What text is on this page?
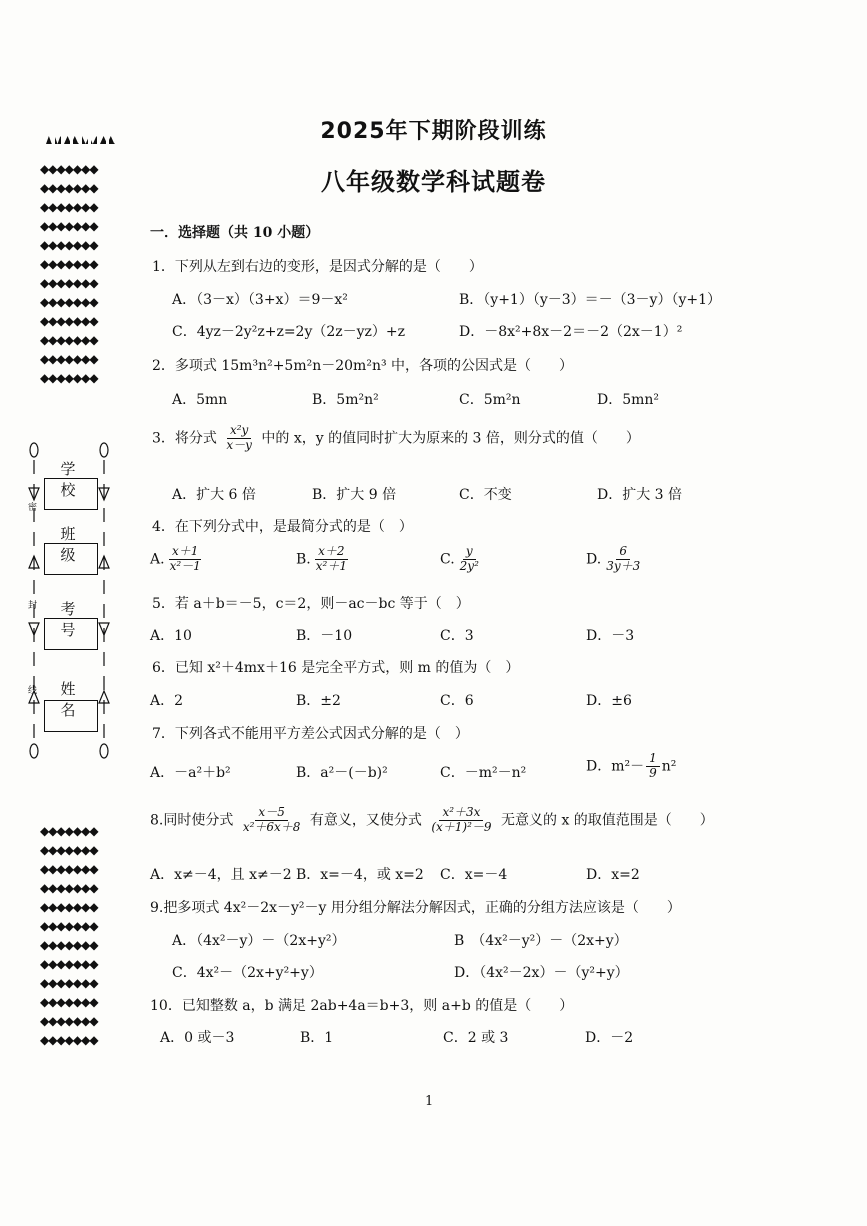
◆◆◆◆◆◆◆
◆◆◆◆◆◆◆
◆◆◆◆◆◆◆
◆◆◆◆◆◆◆
◆◆◆◆◆◆◆
◆◆◆◆◆◆◆
◆◆◆◆◆◆◆
◆◆◆◆◆◆◆
◆◆◆◆◆◆◆
◆◆◆◆◆◆◆
◆◆◆◆◆◆◆
◆◆◆◆◆◆◆
◆◆◆◆◆◆◆
◆◆◆◆◆◆◆
◆◆◆◆◆◆◆
◆◆◆◆◆◆◆
◆◆◆◆◆◆◆
◆◆◆◆◆◆◆
◆◆◆◆◆◆◆
◆◆◆◆◆◆◆
◆◆◆◆◆◆◆
◆◆◆◆◆◆◆
◆◆◆◆◆◆◆
◆◆◆◆◆◆◆
密
封
线
学 校
班 级
考 号
姓 名
2025年下期阶段训练
八年级数学科试题卷
一．选择题（共 10 小题）
1．下列从左到右边的变形，是因式分解的是（　　）
A．（3－x）（3+x）＝9－x²	B．（y+1）（y－3）＝－（3－y）（y+1）
C．4yz－2y²z+z=2y（2z－yz）+z	D．－8x²+8x－2＝－2（2x－1）²
2．多项式 15m³n²+5m²n－20m²n³ 中，各项的公因式是（　　）
A．5mn	B．5m²n²	C．5m²n	D．5mn²
3．将分式 $\frac{\text{x²y}}{x-y}$ 中的 x，y 的值同时扩大为原来的 3 倍，则分式的值（　　）
A．扩大 6 倍	B．扩大 9 倍	C．不变	D．扩大 3 倍
4．在下列分式中，是最简分式的是（　）
A. $\frac{x+1}{\text{x²－1}}$	B. $\frac{x+2}{\text{x²＋1}}$	C. $\frac{y}{\text{2y²}}$	D. $\frac{6}{3y+3}$
5．若 a＋b＝－5，c＝2，则－ac－bc 等于（　）
A．10	B．－10	C．3	D．－3
6．已知 x²＋4mx＋16 是完全平方式，则 m 的值为（　）
A．2	B．±2	C．6	D．±6
7．下列各式不能用平方差公式因式分解的是（　）
A．－a²＋b²	B．a²－(－b)²	C．－m²－n²	D．$m^2- \frac{1}{9} n^2$
8.同时使分式 $\frac{x-5}{\text{x²＋6x＋8}}$ 有意义，又使分式 $\frac{\text{x²＋3x}}{\text{(x＋1)²－9}}$ 无意义的 x 的取值范围是（　　）
A．x≠－4，且 x≠－2 B．x=－4，或 x=2 C．x=－4	D．x=2
9.把多项式 4x²－2x－y²－y 用分组分解法分解因式，正确的分组方法应该是（　　）
A．（4x²－y）－（2x+y²）	B　（4x²－y²）－（2x+y）
C．4x²－（2x+y²+y）	D．（4x²－2x）－（y²+y）
10．已知整数 a，b 满足 2ab+4a＝b+3，则 a+b 的值是（　　）
A．0 或－3	B．1	C．2 或 3	D．－2
1
